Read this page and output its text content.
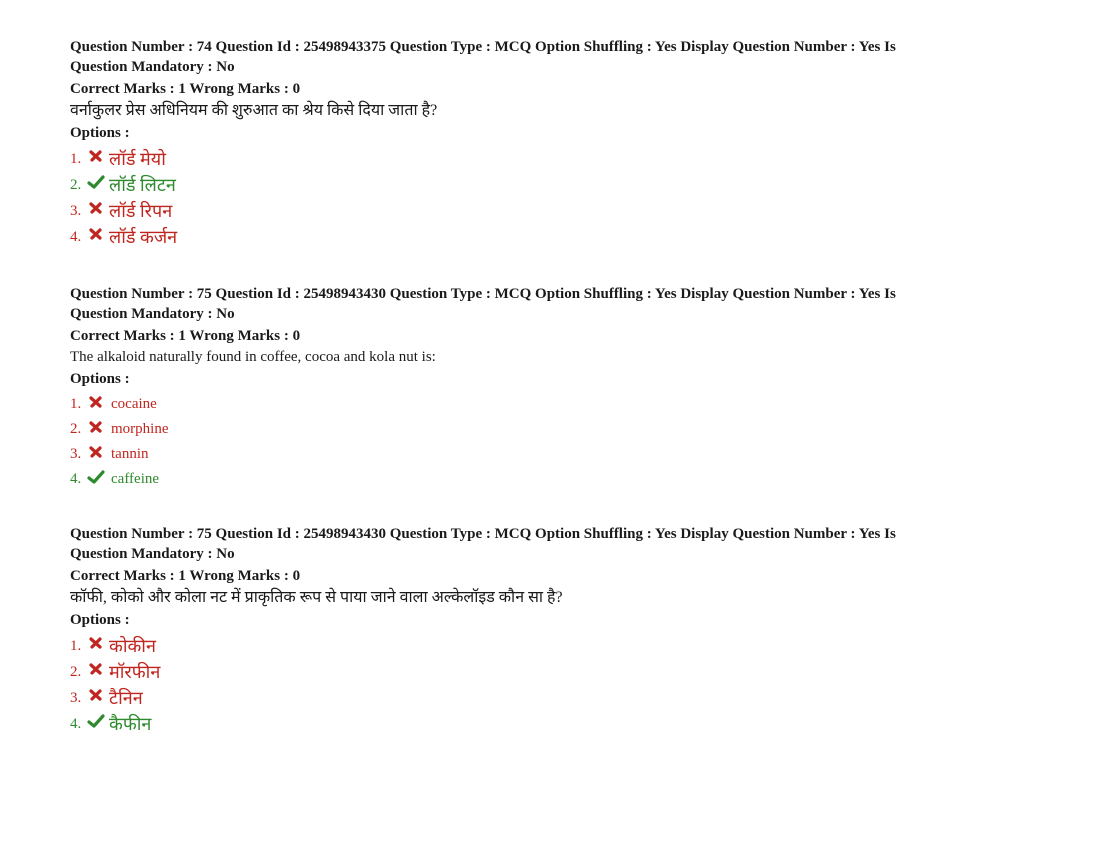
Question Number : 74 Question Id : 25498943375 Question Type : MCQ Option Shuffling : Yes Display Question Number : Yes Is
Question Mandatory : No
Correct Marks : 1 Wrong Marks : 0
वर्नाकुलर प्रेस अधिनियम की शुरुआत का श्रेय किसे दिया जाता है?
Options :
1.	लॉर्ड मेयो
2.	लॉर्ड लिटन
3.	लॉर्ड रिपन
4.	लॉर्ड कर्जन
Question Number : 75 Question Id : 25498943430 Question Type : MCQ Option Shuffling : Yes Display Question Number : Yes Is
Question Mandatory : No
Correct Marks : 1 Wrong Marks : 0
The alkaloid naturally found in coffee, cocoa and kola nut is:
Options :
1.	cocaine
2.	morphine
3.	tannin
4.	caffeine
Question Number : 75 Question Id : 25498943430 Question Type : MCQ Option Shuffling : Yes Display Question Number : Yes Is
Question Mandatory : No
Correct Marks : 1 Wrong Marks : 0
कॉफी, कोको और कोला नट में प्राकृतिक रूप से पाया जाने वाला अल्केलॉइड कौन सा है?
Options :
1.	कोकीन
2.	मॉरफीन
3.	टैनिन
4.	कैफीन
